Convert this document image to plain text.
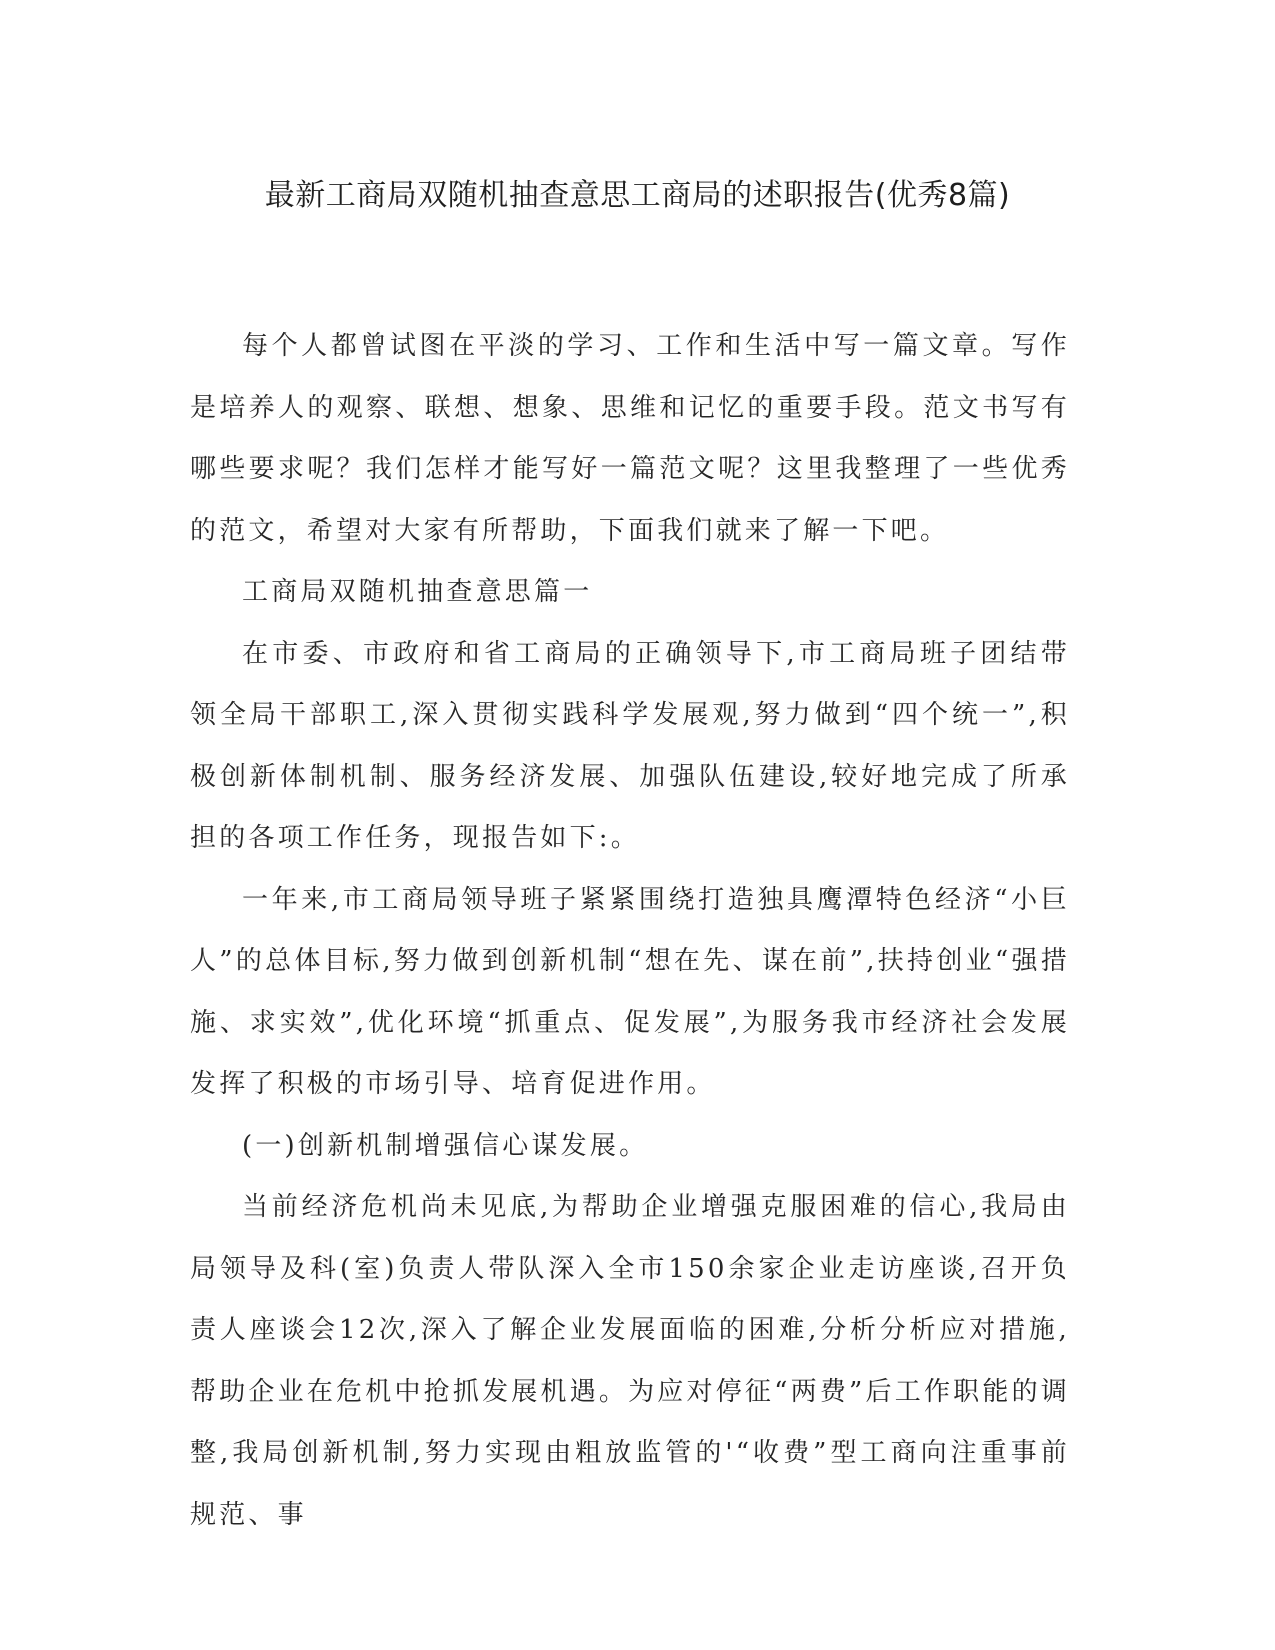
最新工商局双随机抽查意思工商局的述职报告(优秀8篇)

每个人都曾试图在平淡的学习、工作和生活中写一篇文章。写作是培养人的观察、联想、想象、思维和记忆的重要手段。范文书写有哪些要求呢？我们怎样才能写好一篇范文呢？这里我整理了一些优秀的范文，希望对大家有所帮助，下面我们就来了解一下吧。

工商局双随机抽查意思篇一

在市委、市政府和省工商局的正确领导下,市工商局班子团结带领全局干部职工,深入贯彻实践科学发展观,努力做到“四个统一”,积极创新体制机制、服务经济发展、加强队伍建设,较好地完成了所承担的各项工作任务，现报告如下:。

一年来,市工商局领导班子紧紧围绕打造独具鹰潭特色经济“小巨人”的总体目标,努力做到创新机制“想在先、谋在前”,扶持创业“强措施、求实效”,优化环境“抓重点、促发展”,为服务我市经济社会发展发挥了积极的市场引导、培育促进作用。

(一)创新机制增强信心谋发展。

当前经济危机尚未见底,为帮助企业增强克服困难的信心,我局由局领导及科(室)负责人带队深入全市150余家企业走访座谈,召开负责人座谈会12次,深入了解企业发展面临的困难,分析分析应对措施,帮助企业在危机中抢抓发展机遇。为应对停征“两费”后工作职能的调整,我局创新机制,努力实现由粗放监管的'“收费”型工商向注重事前规范、事
